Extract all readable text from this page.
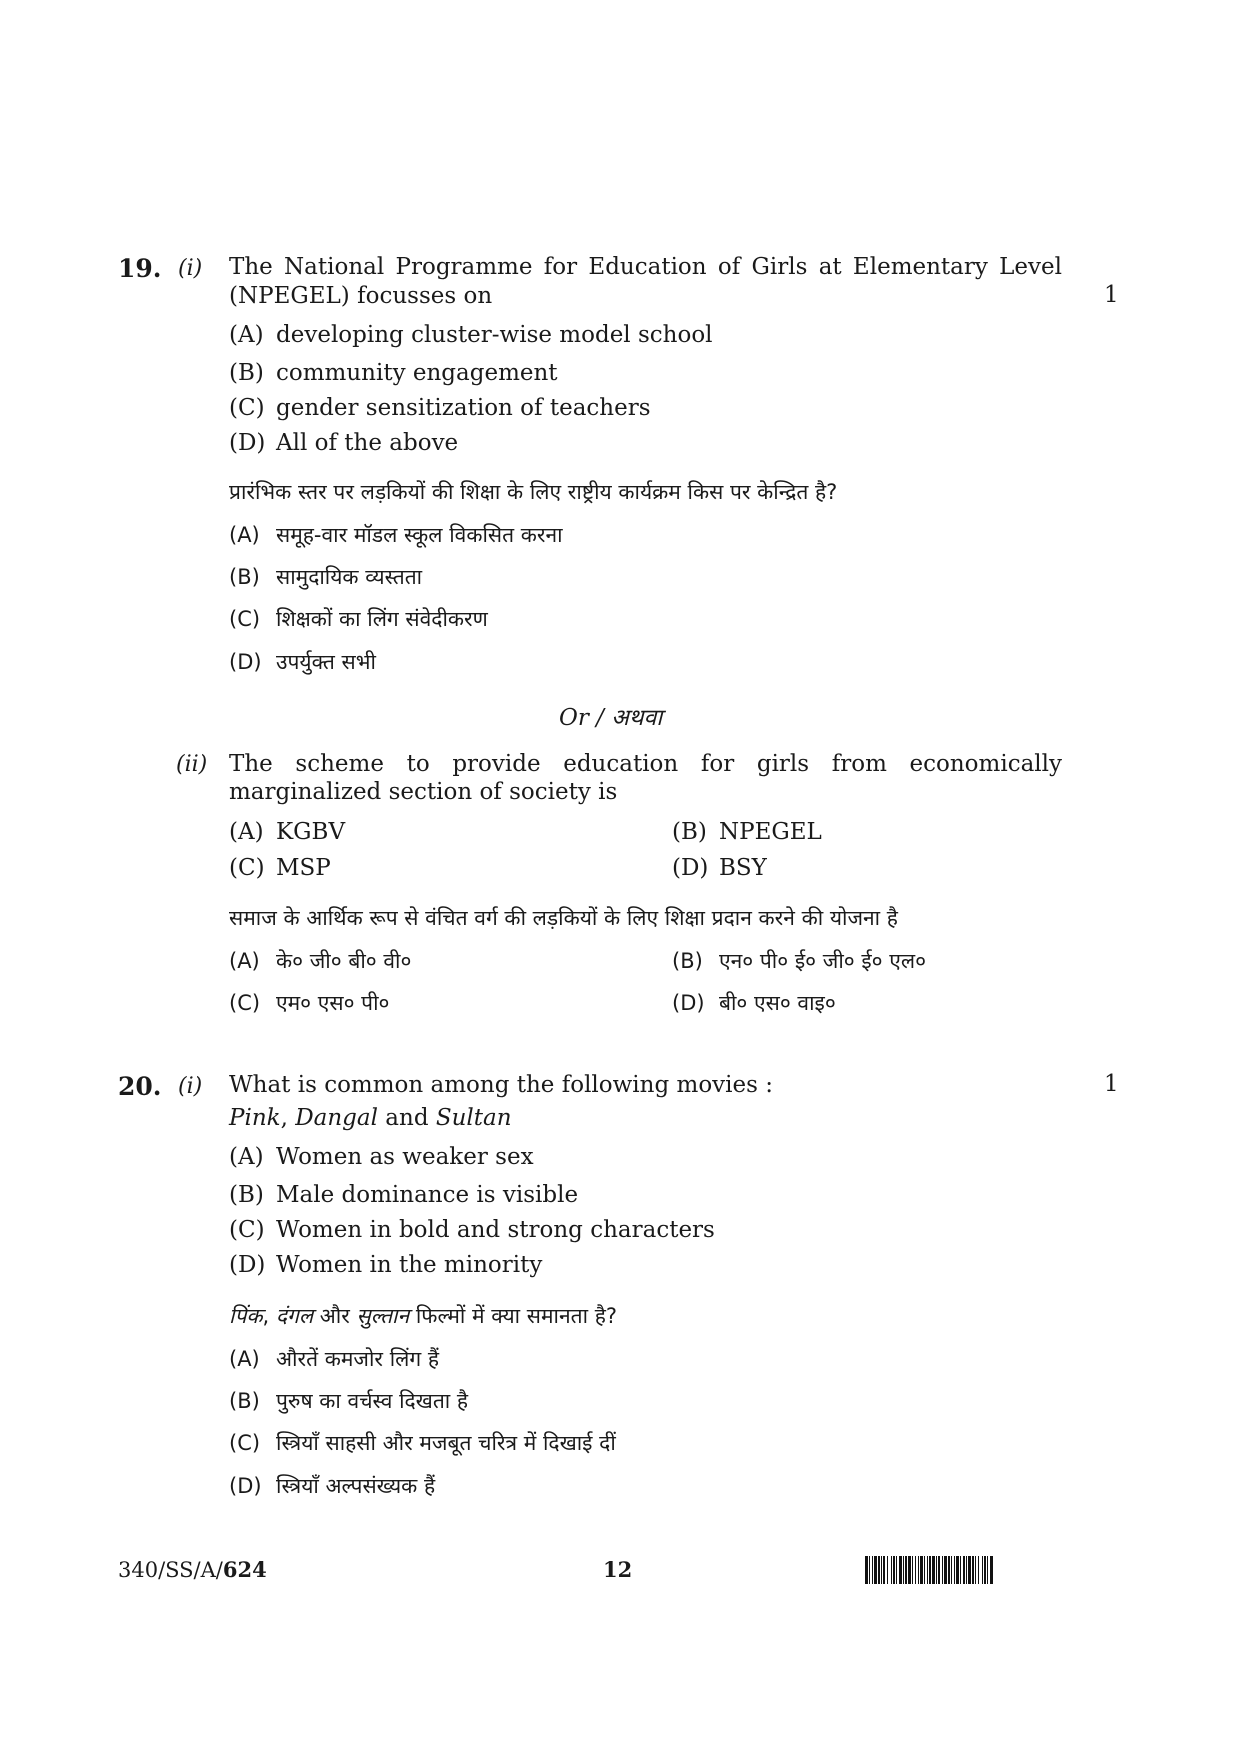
19. (i) The National Programme for Education of Girls at Elementary Level
(NPEGEL) focusses on	1
(A) developing cluster-wise model school
(B) community engagement
(C) gender sensitization of teachers
(D) All of the above
प्रारंभिक स्तर पर लड़कियों की शिक्षा के लिए राष्ट्रीय कार्यक्रम किस पर केन्द्रित है?
(A) समूह-वार मॉडल स्कूल विकसित करना
(B) सामुदायिक व्यस्तता
(C) शिक्षकों का लिंग संवेदीकरण
(D) उपर्युक्त सभी
Or / अथवा
(ii) The scheme to provide education for girls from economically
marginalized section of society is
(A) KGBV	(B) NPEGEL
(C) MSP	(D) BSY
समाज के आर्थिक रूप से वंचित वर्ग की लड़कियों के लिए शिक्षा प्रदान करने की योजना है
(A) के० जी० बी० वी०	(B) एन० पी० ई० जी० ई० एल०
(C) एम० एस० पी०	(D) बी० एस० वाइ०
20. (i) What is common among the following movies :	1
Pink, Dangal and Sultan
(A) Women as weaker sex
(B) Male dominance is visible
(C) Women in bold and strong characters
(D) Women in the minority
पिंक, दंगल और सुल्तान फिल्मों में क्या समानता है?
(A) औरतें कमजोर लिंग हैं
(B) पुरुष का वर्चस्व दिखता है
(C) स्त्रियाँ साहसी और मजबूत चरित्र में दिखाई दीं
(D) स्त्रियाँ अल्पसंख्यक हैं
340/SS/A/624	12
